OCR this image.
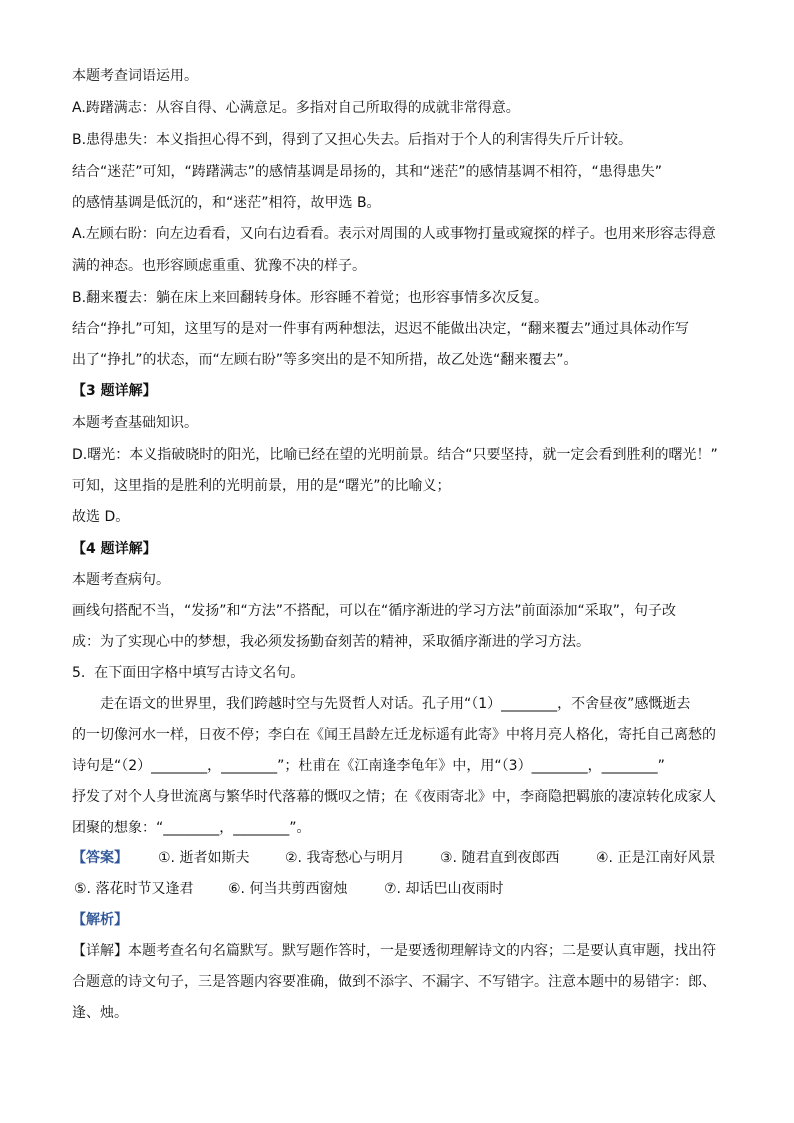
本题考查词语运用。
A.踌躇满志：从容自得、心满意足。多指对自己所取得的成就非常得意。
B.患得患失：本义指担心得不到，得到了又担心失去。后指对于个人的利害得失斤斤计较。
结合“迷茫”可知，“踌躇满志”的感情基调是昂扬的，其和“迷茫”的感情基调不相符，“患得患失”
的感情基调是低沉的，和“迷茫”相符，故甲选 B。
A.左顾右盼：向左边看看，又向右边看看。表示对周围的人或事物打量或窥探的样子。也用来形容志得意
满的神态。也形容顾虑重重、犹豫不决的样子。
B.翻来覆去：躺在床上来回翻转身体。形容睡不着觉；也形容事情多次反复。
结合“挣扎”可知，这里写的是对一件事有两种想法，迟迟不能做出决定，“翻来覆去”通过具体动作写
出了“挣扎”的状态，而“左顾右盼”等多突出的是不知所措，故乙处选“翻来覆去”。
【3 题详解】
本题考查基础知识。
D.曙光：本义指破晓时的阳光，比喻已经在望的光明前景。结合“只要坚持，就一定会看到胜利的曙光！”
可知，这里指的是胜利的光明前景，用的是“曙光”的比喻义；
故选 D。
【4 题详解】
本题考查病句。
画线句搭配不当，“发扬”和“方法”不搭配，可以在“循序渐进的学习方法”前面添加“采取”，句子改
成：为了实现心中的梦想，我必须发扬勤奋刻苦的精神，采取循序渐进的学习方法。
5.  在下面田字格中填写古诗文名句。
走在语文的世界里，我们跨越时空与先贤哲人对话。孔子用“（1）________，不舍昼夜”感慨逝去
的一切像河水一样，日夜不停；李白在《闻王昌龄左迁龙标遥有此寄》中将月亮人格化，寄托自己离愁的
诗句是“（2）________，________”；杜甫在《江南逢李龟年》中，用“（3）________，________”
抒发了对个人身世流离与繁华时代落幕的慨叹之情；在《夜雨寄北》中，李商隐把羁旅的凄凉转化成家人
团聚的想象：“________，________”。
【答案】 ①. 逝者如斯夫	②. 我寄愁心与明月	③. 随君直到夜郎西	④. 正是江南好风景
⑤. 落花时节又逢君 ⑥. 何当共剪西窗烛	⑦. 却话巴山夜雨时
【解析】
【详解】本题考查名句名篇默写。默写题作答时，一是要透彻理解诗文的内容；二是要认真审题，找出符
合题意的诗文句子，三是答题内容要准确，做到不添字、不漏字、不写错字。注意本题中的易错字：郎、
逢、烛。
